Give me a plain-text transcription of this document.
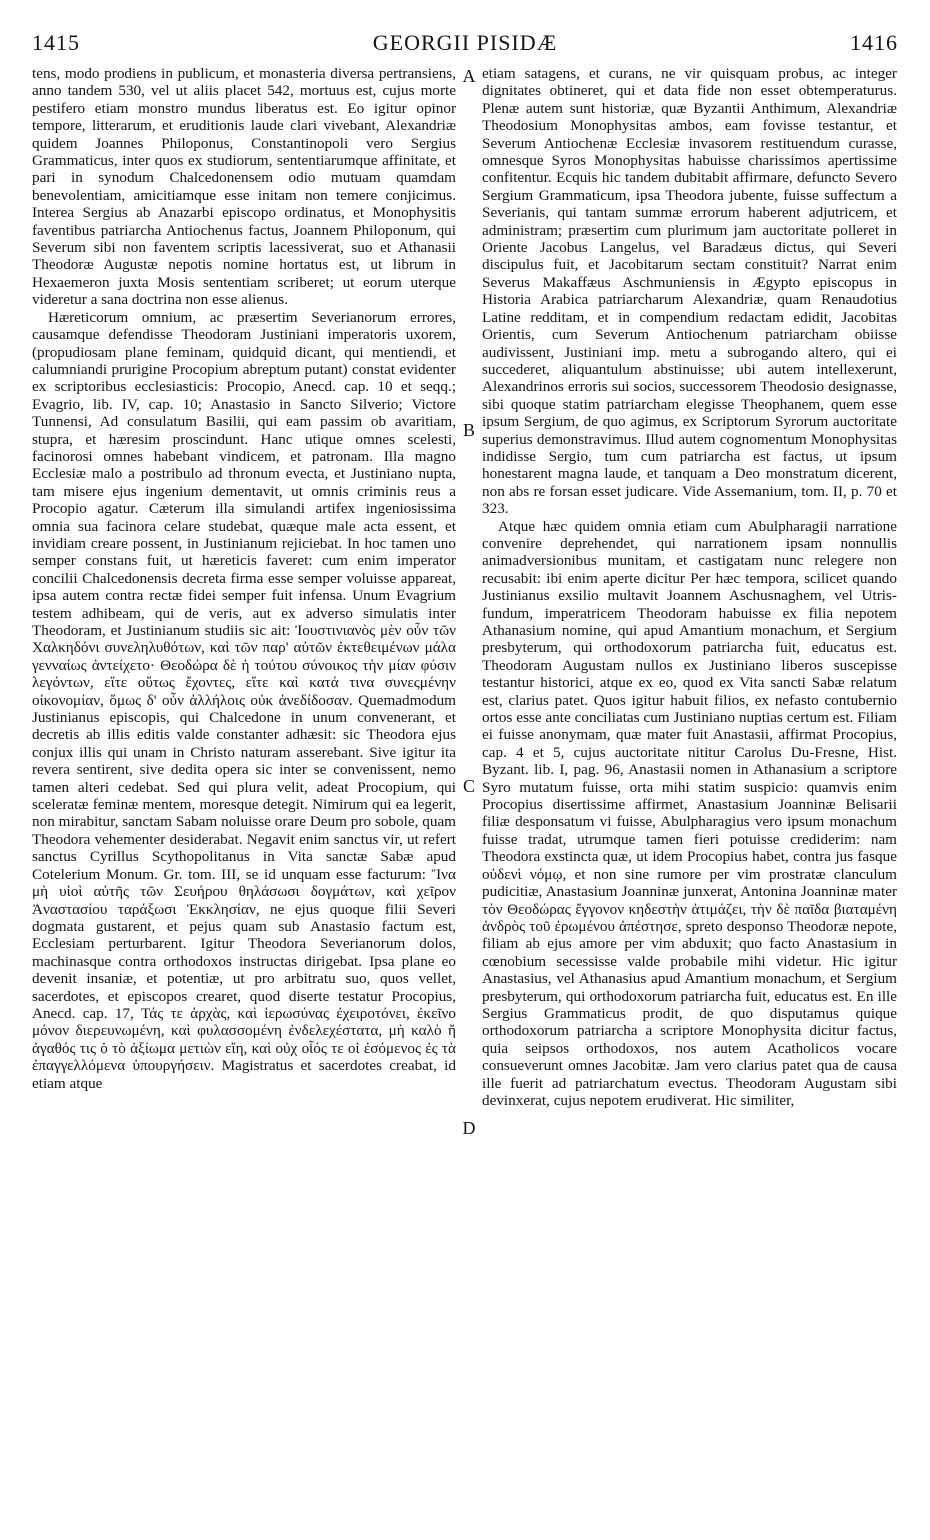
1415	GEORGII PISIDÆ	1416

tens, modo prodiens in publicum, et monasteria diversa pertransiens, anno tandem 530, vel ut aliis placet 542, mortuus est, cujus morte pestifero etiam monstro mundus liberatus est. Eo igitur opinor tempore, litterarum, et eruditionis laude clari vivebant, Alexandriæ quidem Joannes Philoponus, Constantinopoli vero Sergius Grammaticus, inter quos ex studiorum, sententiarumque affinitate, et pari in synodum Chalcedonensem odio mutuam quamdam benevolentiam, amicitiamque esse initam non temere conjicimus. Interea Sergius ab Anazarbi episcopo ordinatus, et Monophysitis faventibus patriarcha Antiochenus factus, Joannem Philoponum, qui Severum sibi non faventem scriptis lacessiverat, suo et Athanasii Theodoræ Augustæ nepotis nomine hortatus est, ut librum in Hexaemeron juxta Mosis sententiam scriberet; ut eorum uterque videretur a sana doctrina non esse alienus.

Hæreticorum omnium, ac præsertim Severianorum errores, causamque defendisse Theodoram Justiniani imperatoris uxorem, (propudiosam plane feminam, quidquid dicant, qui mentiendi, et calumniandi prurigine Procopium abreptum putant) constat evidenter ex scriptoribus ecclesiasticis: Procopio, Anecd. cap. 10 et seqq.; Evagrio, lib. IV, cap. 10; Anastasio in Sancto Silverio; Victore Tunnensi, Ad consulatum Basilii, qui eam passim ob avaritiam, stupra, et hæresim proscindunt. Hanc utique omnes scelesti, facinorosi omnes habebant vindicem, et patronam. Illa magno Ecclesiæ malo a postribulo ad thronum evecta, et Justiniano nupta, tam misere ejus ingenium dementavit, ut omnis criminis reus a Procopio agatur. Cæterum illa simulandi artifex ingeniosissima omnia sua facinora celare studebat, quæque male acta essent, et invidiam creare possent, in Justinianum rejiciebat. In hoc tamen uno semper constans fuit, ut hæreticis faveret: cum enim imperator concilii Chalcedonensis decreta firma esse semper voluisse appareat, ipsa autem contra rectæ fidei semper fuit infensa. Unum Evagrium testem adhibeam, qui de veris, aut ex adverso simulatis inter Theodoram, et Justinianum studiis sic ait: Ἰουστινιανὸς μὲν οὖν τῶν Χαλκηδόνι συνεληλυθότων, καὶ τῶν παρ' αὐτῶν ἐκτεθειμένων μάλα γενναίως ἀντείχετο· Θεοδώρα δὲ ἡ τούτου σύνοικος τὴν μίαν φύσιν λεγόντων, εἴτε οὕτως ἔχοντες, εἴτε καὶ κατά τινα συνεςμένην οἰκονομίαν, ὅμως δ' οὖν ἀλλήλοις οὐκ ἀνεδίδοσαν. Quemadmodum Justinianus episcopis, qui Chalcedone in unum convenerant, et decretis ab illis editis valde constanter adhæsit: sic Theodora ejus conjux illis qui unam in Christo naturam asserebant. Sive igitur ita revera sentirent, sive dedita opera sic inter se convenissent, nemo tamen alteri cedebat. Sed qui plura velit, adeat Procopium, qui sceleratæ feminæ mentem, moresque detegit. Nimirum qui ea legerit, non mirabitur, sanctam Sabam noluisse orare Deum pro sobole, quam Theodora vehementer desiderabat. Negavit enim sanctus vir, ut refert sanctus Cyrillus Scythopolitanus in Vita sanctæ Sabæ apud Cotelerium Monum. Gr. tom. III, se id unquam esse facturum: Ἵνα μὴ υἱοὶ αὐτῆς τῶν Σευήρου θηλάσωσι δογμάτων, καὶ χεῖρον Ἀναστασίου ταράξωσι Ἐκκλησίαν, ne ejus quoque filii Severi dogmata gustarent, et pejus quam sub Anastasio factum est, Ecclesiam perturbarent. Igitur Theodora Severianorum dolos, machinasque contra orthodoxos instructas dirigebat. Ipsa plane eo devenit insaniæ, et potentiæ, ut pro arbitratu suo, quos vellet, sacerdotes, et episcopos crearet, quod diserte testatur Procopius, Anecd. cap. 17, Τάς τε ἀρχὰς, καὶ ἱερωσύνας ἐχειροτόνει, ἐκεῖνο μόνον διερευνωμένη, καὶ φυλασσομένη ἐνδελεχέστατα, μὴ καλὸ ἤ ἀγαθός τις ὁ τὸ ἀξίωμα μετιὼν εἴη, καὶ οὐχ οἷός τε οἱ ἐσόμενος ἐς τὰ ἐπαγγελλόμενα ὑπουργήσειν. Magistratus et sacerdotes creabat, id etiam atque

A
B
C
D

etiam satagens, et curans, ne vir quisquam probus, ac integer dignitates obtineret, qui et data fide non esset obtemperaturus. Plenæ autem sunt historiæ, quæ Byzantii Anthimum, Alexandriæ Theodosium Monophysitas ambos, eam fovisse testantur, et Severum Antiochenæ Ecclesiæ invasorem restituendum curasse, omnesque Syros Monophysitas habuisse charissimos apertissime confitentur. Ecquis hic tandem dubitabit affirmare, defuncto Severo Sergium Grammaticum, ipsa Theodora jubente, fuisse suffectum a Severianis, qui tantam summæ errorum haberent adjutricem, et administram; præsertim cum plurimum jam auctoritate polleret in Oriente Jacobus Langelus, vel Baradæus dictus, qui Severi discipulus fuit, et Jacobitarum sectam constituit? Narrat enim Severus Makaffæus Aschmuniensis in Ægypto episcopus in Historia Arabica patriarcharum Alexandriæ, quam Renaudotius Latine redditam, et in compendium redactam edidit, Jacobitas Orientis, cum Severum Antiochenum patriarcham obiisse audivissent, Justiniani imp. metu a subrogando altero, qui ei succederet, aliquantulum abstinuisse; ubi autem intellexerunt, Alexandrinos erroris sui socios, successorem Theodosio designasse, sibi quoque statim patriarcham elegisse Theophanem, quem esse ipsum Sergium, de quo agimus, ex Scriptorum Syrorum auctoritate superius demonstravimus. Illud autem cognomentum Monophysitas indidisse Sergio, tum cum patriarcha est factus, ut ipsum honestarent magna laude, et tanquam a Deo monstratum dicerent, non abs re forsan esset judicare. Vide Assemanium, tom. II, p. 70 et 323.

Atque hæc quidem omnia etiam cum Abulpharagii narratione convenire deprehendet, qui narrationem ipsam nonnullis animadversionibus munitam, et castigatam nunc relegere non recusabit: ibi enim aperte dicitur Per hæc tempora, scilicet quando Justinianus exsilio multavit Joannem Aschusnaghem, vel Utris-fundum, imperatricem Theodoram habuisse ex filia nepotem Athanasium nomine, qui apud Amantium monachum, et Sergium presbyterum, qui orthodoxorum patriarcha fuit, educatus est. Theodoram Augustam nullos ex Justiniano liberos suscepisse testantur historici, atque ex eo, quod ex Vita sancti Sabæ relatum est, clarius patet. Quos igitur habuit filios, ex nefasto contubernio ortos esse ante conciliatas cum Justiniano nuptias certum est. Filiam ei fuisse anonymam, quæ mater fuit Anastasii, affirmat Procopius, cap. 4 et 5, cujus auctoritate nititur Carolus Du-Fresne, Hist. Byzant. lib. I, pag. 96, Anastasii nomen in Athanasium a scriptore Syro mutatum fuisse, orta mihi statim suspicio: quamvis enim Procopius disertissime affirmet, Anastasium Joanninæ Belisarii filiæ desponsatum vi fuisse, Abulpharagius vero ipsum monachum fuisse tradat, utrumque tamen fieri potuisse crediderim: nam Theodora exstincta quæ, ut idem Procopius habet, contra jus fasque οὐδενὶ νόμῳ, et non sine rumore per vim prostratæ clanculum pudicitiæ, Anastasium Joanninæ junxerat, Antonina Joanninæ mater τὸν Θεοδώρας ἔγγονον κηδεστὴν ἀτιμάζει, τὴν δὲ παῖδα βιαταμένη ἀνδρὸς τοῦ ἐρωμένου ἀπέστησε, spreto desponso Theodoræ nepote, filiam ab ejus amore per vim abduxit; quo facto Anastasium in cœnobium secessisse valde probabile mihi videtur. Hic igitur Anastasius, vel Athanasius apud Amantium monachum, et Sergium presbyterum, qui orthodoxorum patriarcha fuit, educatus est. En ille Sergius Grammaticus prodit, de quo disputamus quique orthodoxorum patriarcha a scriptore Monophysita dicitur factus, quia seipsos orthodoxos, nos autem Acatholicos vocare consueverunt omnes Jacobitæ. Jam vero clarius patet qua de causa ille fuerit ad patriarchatum evectus. Theodoram Augustam sibi devinxerat, cujus nepotem erudiverat. Hic similiter,
